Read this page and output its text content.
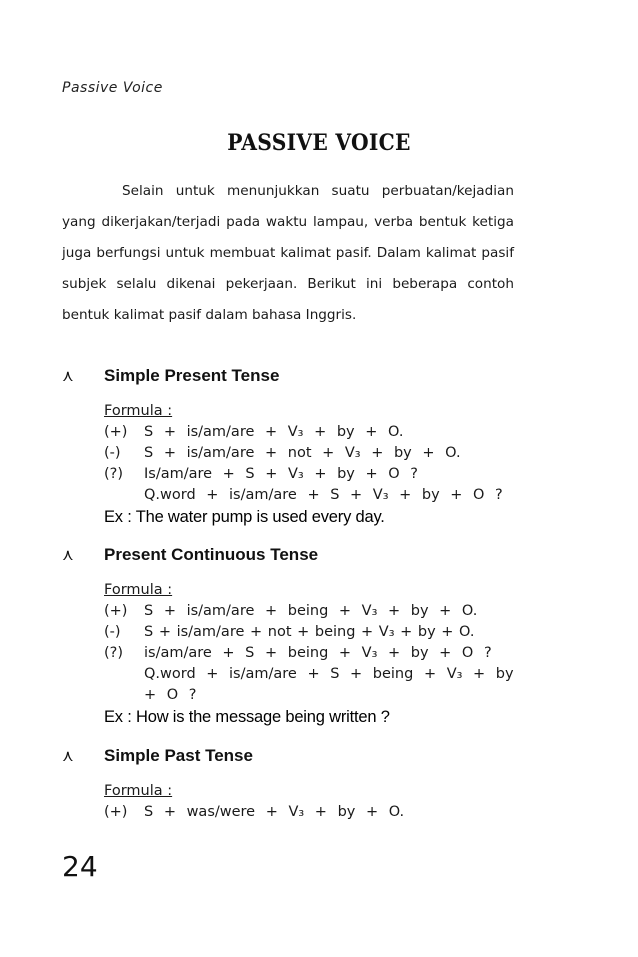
Passive Voice
PASSIVE VOICE
Selain untuk menunjukkan suatu perbuatan/kejadian yang dikerjakan/terjadi pada waktu lampau, verba bentuk ketiga juga berfungsi untuk membuat kalimat pasif. Dalam kalimat pasif subjek selalu dikenai pekerjaan. Berikut ini beberapa contoh bentuk kalimat pasif dalam bahasa Inggris.
⋏ Simple Present Tense
Formula :
(+)	S + is/am/are + V₃ + by + O.
(-)	S + is/am/are + not + V₃ + by + O.
(?)	Is/am/are + S + V₃ + by + O ?
Q.word + is/am/are + S + V₃ + by + O ?
Ex : The water pump is used every day.
⋏ Present Continuous Tense
Formula :
(+)	S + is/am/are + being + V₃ + by + O.
(-)	S + is/am/are + not + being + V₃ + by + O.
(?)	is/am/are + S + being + V₃ + by + O ?
Q.word + is/am/are + S + being + V₃ + by + O ?
Ex : How is the message being written ?
⋏ Simple Past Tense
Formula :
(+)	S + was/were + V₃ + by + O.
24
